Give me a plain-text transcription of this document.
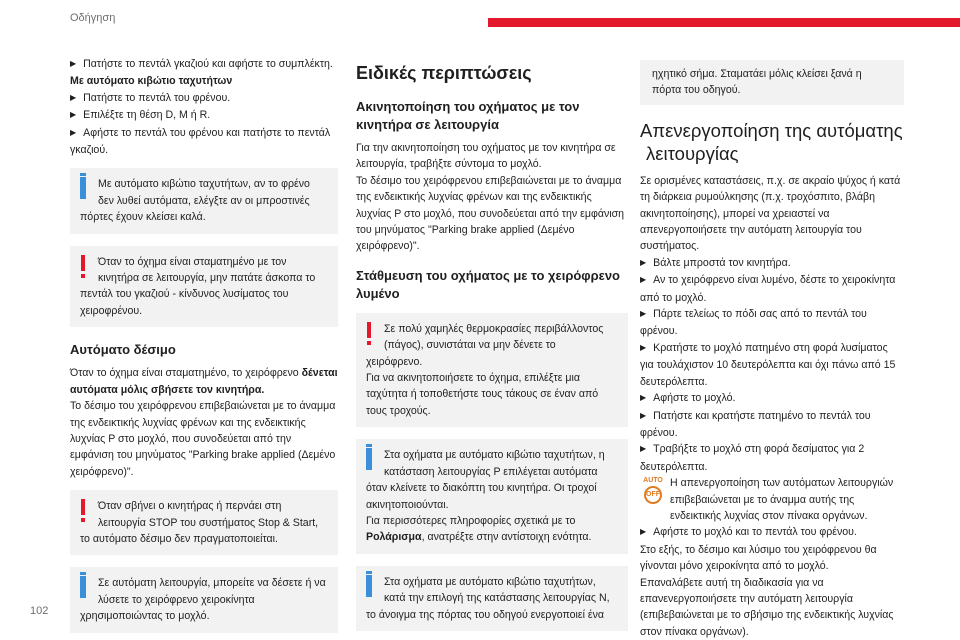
Οδήγηση

▶ Πατήστε το πεντάλ γκαζιού και αφήστε το συμπλέκτη.

Με αυτόματο κιβώτιο ταχυτήτων

▶ Πατήστε το πεντάλ του φρένου.

▶ Επιλέξτε τη θέση D, M ή R.

▶ Αφήστε το πεντάλ του φρένου και πατήστε το πεντάλ

γκαζιού.

Με αυτόματο κιβώτιο ταχυτήτων, αν το φρένο δεν λυθεί αυτόματα, ελέγξτε αν οι μπροστινές
πόρτες έχουν κλείσει καλά.
Όταν το όχημα είναι σταματημένο με τον κινητήρα σε λειτουργία, μην πατάτε άσκοπα το
πεντάλ του γκαζιού - κίνδυνος λυσίματος του χειροφρένου.
Αυτόματο δέσιμο

Όταν το όχημα είναι σταματημένο, το χειρόφρενο δένεται αυτόματα μόλις σβήσετε τον κινητήρα.

Το δέσιμο του χειρόφρενου επιβεβαιώνεται με το άναμμα της ενδεικτικής λυχνίας φρένων και της ενδεικτικής λυχνίας P στο μοχλό, που συνοδεύεται από την εμφάνιση του μηνύματος "Parking brake applied (Δεμένο χειρόφρενο)".

Όταν σβήνει ο κινητήρας ή περνάει στη λειτουργία STOP του συστήματος Stop & Start,
το αυτόματο δέσιμο δεν πραγματοποιείται.
Σε αυτόματη λειτουργία, μπορείτε να δέσετε ή να λύσετε το χειρόφρενο χειροκίνητα
χρησιμοποιώντας το μοχλό.
Ειδικές περιπτώσεις
Ακινητοποίηση του οχήματος με τον κινητήρα σε λειτουργία

Για την ακινητοποίηση του οχήματος με τον κινητήρα σε λειτουργία, τραβήξτε σύντομα το μοχλό.

Το δέσιμο του χειρόφρενου επιβεβαιώνεται με το άναμμα της ενδεικτικής λυχνίας φρένων και της ενδεικτικής λυχνίας P στο μοχλό, που συνοδεύεται από την εμφάνιση του μηνύματος "Parking brake applied (Δεμένο χειρόφρενο)".

Στάθμευση του οχήματος με το χειρόφρενο λυμένο
Σε πολύ χαμηλές θερμοκρασίες περιβάλλοντος (πάγος), συνιστάται να μην δένετε το
χειρόφρενο.
Για να ακινητοποιήσετε το όχημα, επιλέξτε μια ταχύτητα ή τοποθετήστε τους τάκους σε έναν από τους τροχούς.
Στα οχήματα με αυτόματο κιβώτιο ταχυτήτων, η κατάσταση λειτουργίας P επιλέγεται αυτόματα
όταν κλείνετε το διακόπτη του κινητήρα. Οι τροχοί ακινητοποιούνται.
Για περισσότερες πληροφορίες σχετικά με το Ρολάρισμα, ανατρέξτε στην αντίστοιχη ενότητα.
Στα οχήματα με αυτόματο κιβώτιο ταχυτήτων, κατά την επιλογή της κατάστασης λειτουργίας N,
το άνοιγμα της πόρτας του οδηγού ενεργοποιεί ένα
ηχητικό σήμα. Σταματάει μόλις κλείσει ξανά η πόρτα του οδηγού.
Απενεργοποίηση της αυτόματης
λειτουργίας

Σε ορισμένες καταστάσεις, π.χ. σε ακραίο ψύχος ή κατά τη διάρκεια ρυμούλκησης (π.χ. τροχόσπιτο, βλάβη ακινητοποίησης), μπορεί να χρειαστεί να απενεργοποιήσετε την αυτόματη λειτουργία του συστήματος.

▶ Βάλτε μπροστά τον κινητήρα.

▶ Αν το χειρόφρενο είναι λυμένο, δέστε το χειροκίνητα από το μοχλό.

▶ Πάρτε τελείως το πόδι σας από το πεντάλ του φρένου.

▶ Κρατήστε το μοχλό πατημένο στη φορά λυσίματος για τουλάχιστον 10 δευτερόλεπτα και όχι πάνω από 15 δευτερόλεπτα.

▶ Αφήστε το μοχλό.

▶ Πατήστε και κρατήστε πατημένο το πεντάλ του φρένου.

▶ Τραβήξτε το μοχλό στη φορά δεσίματος για 2 δευτερόλεπτα.

AUTO
OFF

Η απενεργοποίηση των αυτόματων λειτουργιών επιβεβαιώνεται με το άναμμα αυτής της ενδεικτικής λυχνίας στον πίνακα οργάνων.

▶ Αφήστε το μοχλό και το πεντάλ του φρένου.

Στο εξής, το δέσιμο και λύσιμο του χειρόφρενου θα γίνονται μόνο χειροκίνητα από το μοχλό.

Επαναλάβετε αυτή τη διαδικασία για να επανενεργοποιήσετε την αυτόματη λειτουργία (επιβεβαιώνεται με το σβήσιμο της ενδεικτικής λυχνίας στον πίνακα οργάνων).

102
